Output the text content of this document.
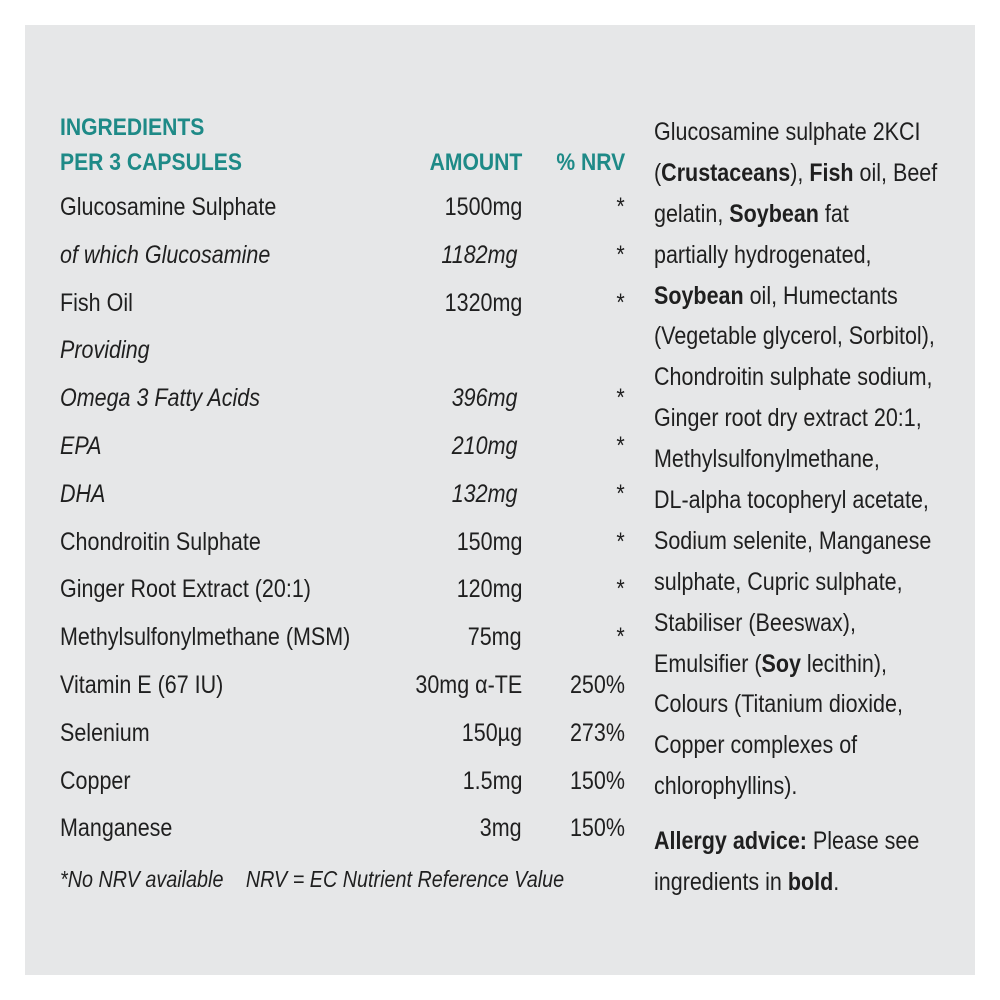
INGREDIENTS
PER 3 CAPSULES	AMOUNT % NRV
Glucosamine Sulphate	1500mg	*
of which Glucosamine	1182mg	*
Fish Oil	1320mg	*
Providing
Omega 3 Fatty Acids	396mg	*
EPA	210mg	*
DHA	132mg	*
Chondroitin Sulphate	150mg	*
Ginger Root Extract (20:1)	120mg	*
Methylsulfonylmethane (MSM)	75mg	*
Vitamin E (67 IU)	30mg α-TE 250%
Selenium	150µg 273%
Copper	1.5mg 150%
Manganese	3mg 150%
*No NRV available NRV = EC Nutrient Reference Value
Glucosamine sulphate 2KCI
(Crustaceans), Fish oil, Beef
gelatin, Soybean fat
partially hydrogenated,
Soybean oil, Humectants
(Vegetable glycerol, Sorbitol),
Chondroitin sulphate sodium,
Ginger root dry extract 20:1,
Methylsulfonylmethane,
DL-alpha tocopheryl acetate,
Sodium selenite, Manganese
sulphate, Cupric sulphate,
Stabiliser (Beeswax),
Emulsifier (Soy lecithin),
Colours (Titanium dioxide,
Copper complexes of
chlorophyllins).
Allergy advice: Please see
ingredients in bold.
